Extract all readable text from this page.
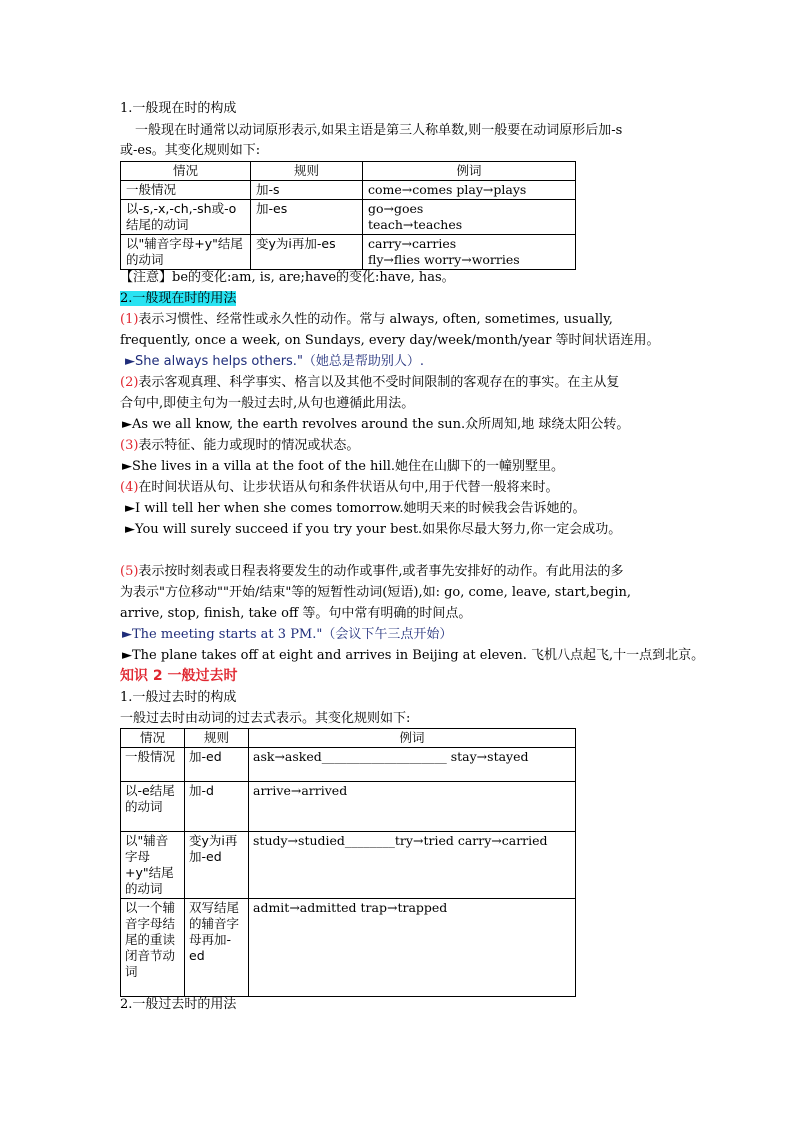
1.一般现在时的构成
一般现在时通常以动词原形表示,如果主语是第三人称单数,则一般要在动词原形后加-s
或-es。其变化规则如下:
情况	规则	例词
一般情况	加-s	come→comes play→plays
以-s,-x,-ch,-sh或-o结尾的动词	加-es	go→goes
teach→teaches

以"辅音字母+y"结尾的动词	变y为i再加-es	carry→carries
fly→flies worry→worries
【注意】be的变化:am, is, are;have的变化:have, has。
2.一般现在时的用法
(1)表示习惯性、经常性或永久性的动作。常与 always, often, sometimes, usually,
frequently, once a week, on Sundays, every day/week/month/year 等时间状语连用。
►She always helps others."（她总是帮助别人）.
(2)表示客观真理、科学事实、格言以及其他不受时间限制的客观存在的事实。在主从复
合句中,即使主句为一般过去时,从句也遵循此用法。
►As we all know, the earth revolves around the sun.众所周知,地 球绕太阳公转。
(3)表示特征、能力或现时的情况或状态。
►She lives in a villa at the foot of the hill.她住在山脚下的一幢别墅里。
(4)在时间状语从句、让步状语从句和条件状语从句中,用于代替一般将来时。
►I will tell her when she comes tomorrow.她明天来的时候我会告诉她的。
►You will surely succeed if you try your best.如果你尽最大努力,你一定会成功。
(5)表示按时刻表或日程表将要发生的动作或事件,或者事先安排好的动作。有此用法的多
为表示"方位移动""开始/结束"等的短暂性动词(短语),如: go, come, leave, start,begin,
arrive, stop, finish, take off 等。句中常有明确的时间点。
►The meeting starts at 3 PM."（会议下午三点开始）
►The plane takes off at eight and arrives in Beijing at eleven. 飞机八点起飞,十一点到北京。
知识 2 一般过去时
1.一般过去时的构成
一般过去时由动词的过去式表示。其变化规则如下:
情况	规则	例词
一般情况	加-ed	ask→asked____________________ stay→stayed
以-e结尾的动词	加-d	arrive→arrived
以"辅音字母+y"结尾的动词	变y为i再加-ed	study→studied________try→tried carry→carried
以一个辅音字母结尾的重读闭音节动词	双写结尾的辅音字母再加-ed	admit→admitted trap→trapped
2.一般过去时的用法
